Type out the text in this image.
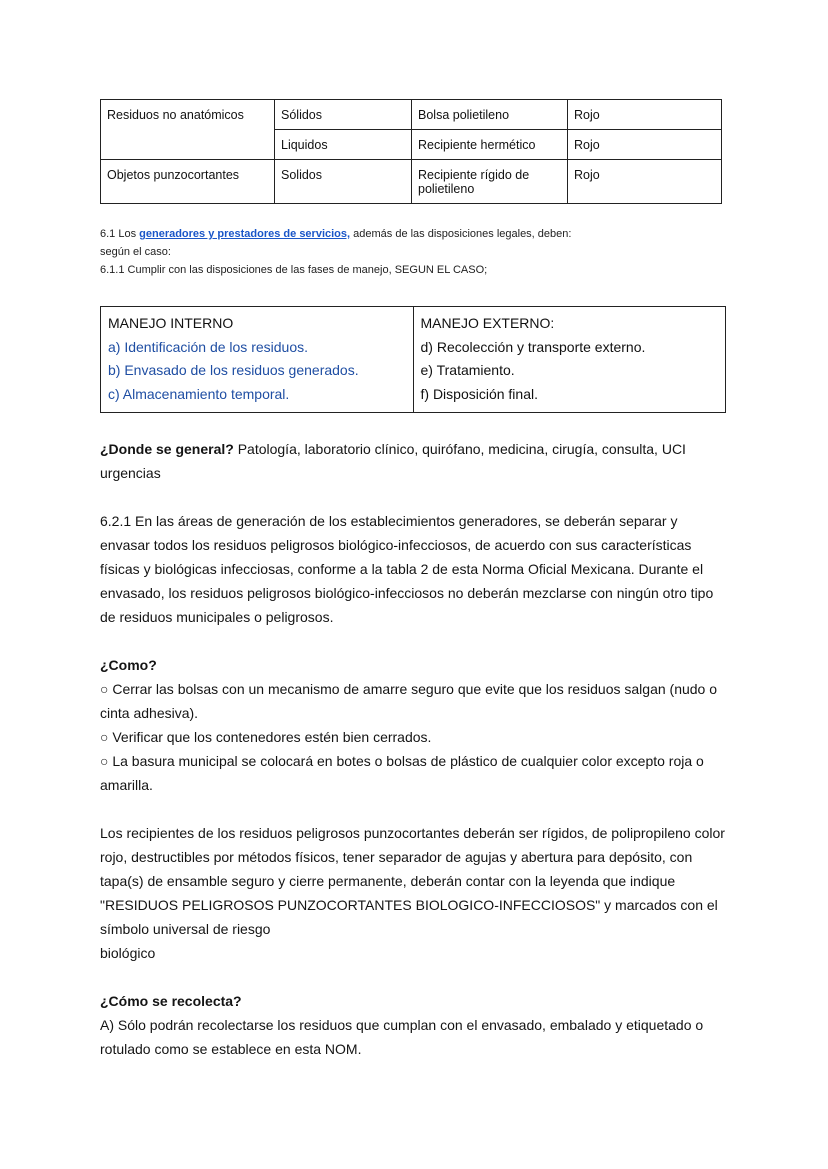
Residuos no anatómicos	Sólidos	Bolsa polietileno	Rojo
	Liquidos	Recipiente hermético	Rojo
Objetos punzocortantes	Solidos	Recipiente rígido de polietileno	Rojo
6.1 Los generadores y prestadores de servicios, además de las disposiciones legales, deben:
según el caso:
6.1.1 Cumplir con las disposiciones de las fases de manejo, SEGUN EL CASO;
MANEJO INTERNO
a) Identificación de los residuos.
b) Envasado de los residuos generados.
c) Almacenamiento temporal.

MANEJO EXTERNO:
d) Recolección y transporte externo.
e) Tratamiento.
f) Disposición final.

¿Donde se general? Patología, laboratorio clínico, quirófano, medicina, cirugía, consulta, UCI urgencias

6.2.1 En las áreas de generación de los establecimientos generadores, se deberán separar y envasar todos los residuos peligrosos biológico-infecciosos, de acuerdo con sus características físicas y biológicas infecciosas, conforme a la tabla 2 de esta Norma Oficial Mexicana. Durante el envasado, los residuos peligrosos biológico-infecciosos no deberán mezclarse con ningún otro tipo de residuos municipales o peligrosos.

¿Como?

○ Cerrar las bolsas con un mecanismo de amarre seguro que evite que los residuos salgan (nudo o cinta adhesiva).

○ Verificar que los contenedores estén bien cerrados.

○ La basura municipal se colocará en botes o bolsas de plástico de cualquier color excepto roja o amarilla.

Los recipientes de los residuos peligrosos punzocortantes deberán ser rígidos, de polipropileno color rojo, destructibles por métodos físicos, tener separador de agujas y abertura para depósito, con tapa(s) de ensamble seguro y cierre permanente, deberán contar con la leyenda que indique "RESIDUOS PELIGROSOS PUNZOCORTANTES BIOLOGICO-INFECCIOSOS" y marcados con el símbolo universal de riesgo

biológico

¿Cómo se recolecta?

A) Sólo podrán recolectarse los residuos que cumplan con el envasado, embalado y etiquetado o rotulado como se establece en esta NOM.
